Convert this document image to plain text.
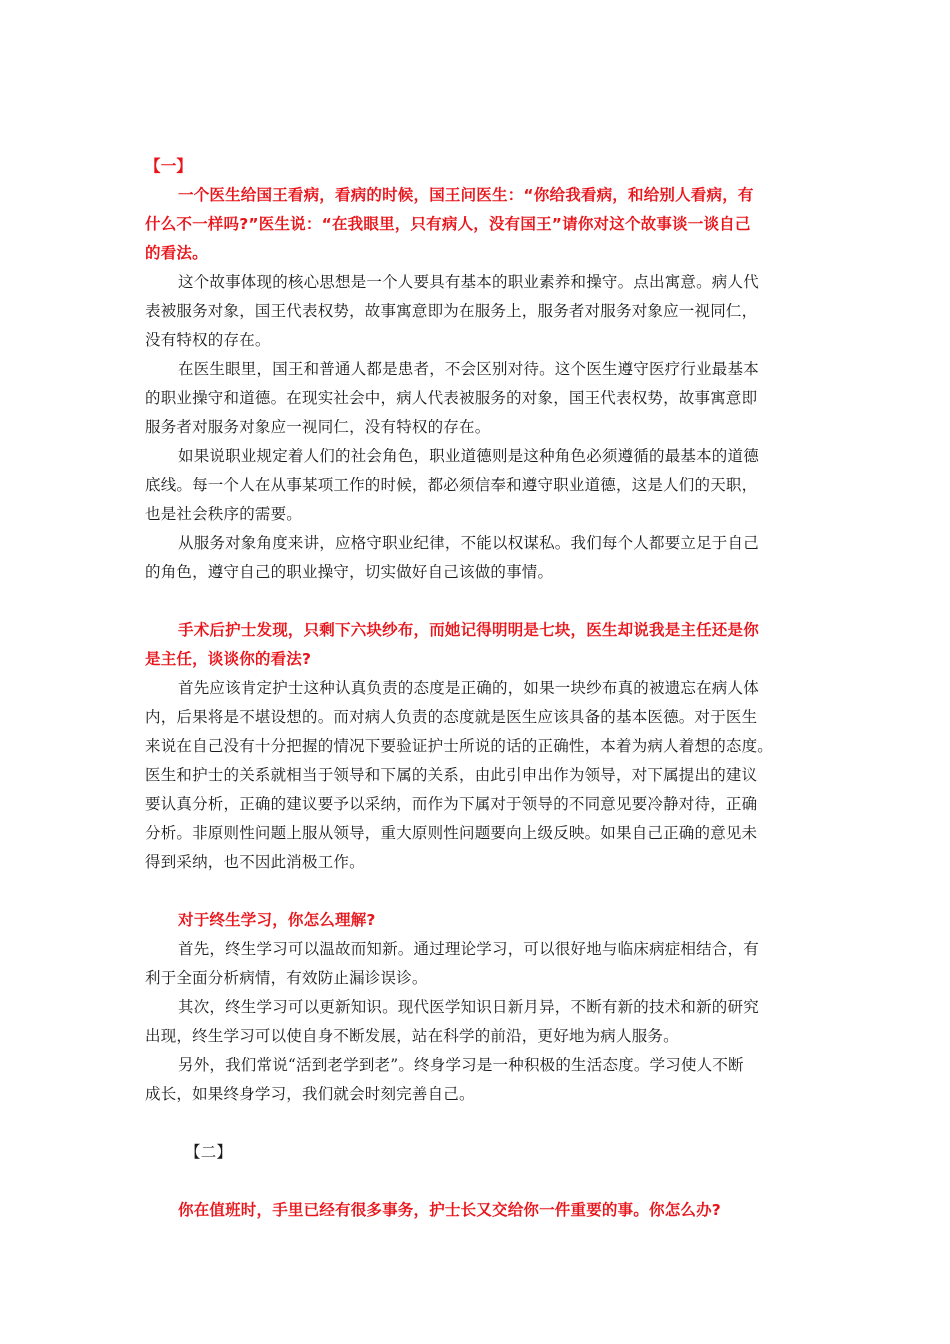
【一】
一个医生给国王看病，看病的时候，国王问医生：“你给我看病，和给别人看病，有
什么不一样吗?”医生说：“在我眼里，只有病人，没有国王”请你对这个故事谈一谈自己
的看法。
这个故事体现的核心思想是一个人要具有基本的职业素养和操守。点出寓意。病人代
表被服务对象，国王代表权势，故事寓意即为在服务上，服务者对服务对象应一视同仁，
没有特权的存在。
在医生眼里，国王和普通人都是患者，不会区别对待。这个医生遵守医疗行业最基本
的职业操守和道德。在现实社会中，病人代表被服务的对象，国王代表权势，故事寓意即
服务者对服务对象应一视同仁，没有特权的存在。
如果说职业规定着人们的社会角色，职业道德则是这种角色必须遵循的最基本的道德
底线。每一个人在从事某项工作的时候，都必须信奉和遵守职业道德，这是人们的天职，
也是社会秩序的需要。
从服务对象角度来讲，应格守职业纪律，不能以权谋私。我们每个人都要立足于自己
的角色，遵守自己的职业操守，切实做好自己该做的事情。
手术后护士发现，只剩下六块纱布，而她记得明明是七块，医生却说我是主任还是你
是主任，谈谈你的看法?
首先应该肯定护士这种认真负责的态度是正确的，如果一块纱布真的被遗忘在病人体
内，后果将是不堪设想的。而对病人负责的态度就是医生应该具备的基本医德。对于医生
来说在自己没有十分把握的情况下要验证护士所说的话的正确性，本着为病人着想的态度。
医生和护士的关系就相当于领导和下属的关系，由此引申出作为领导，对下属提出的建议
要认真分析，正确的建议要予以采纳，而作为下属对于领导的不同意见要冷静对待，正确
分析。非原则性问题上服从领导，重大原则性问题要向上级反映。如果自己正确的意见未
得到采纳，也不因此消极工作。
对于终生学习，你怎么理解?
首先，终生学习可以温故而知新。通过理论学习，可以很好地与临床病症相结合，有
利于全面分析病情，有效防止漏诊误诊。
其次，终生学习可以更新知识。现代医学知识日新月异，不断有新的技术和新的研究
出现，终生学习可以使自身不断发展，站在科学的前沿，更好地为病人服务。
另外，我们常说“活到老学到老”。终身学习是一种积极的生活态度。学习使人不断
成长，如果终身学习，我们就会时刻完善自己。
【二】
你在值班时，手里已经有很多事务，护士长又交给你一件重要的事。你怎么办?
